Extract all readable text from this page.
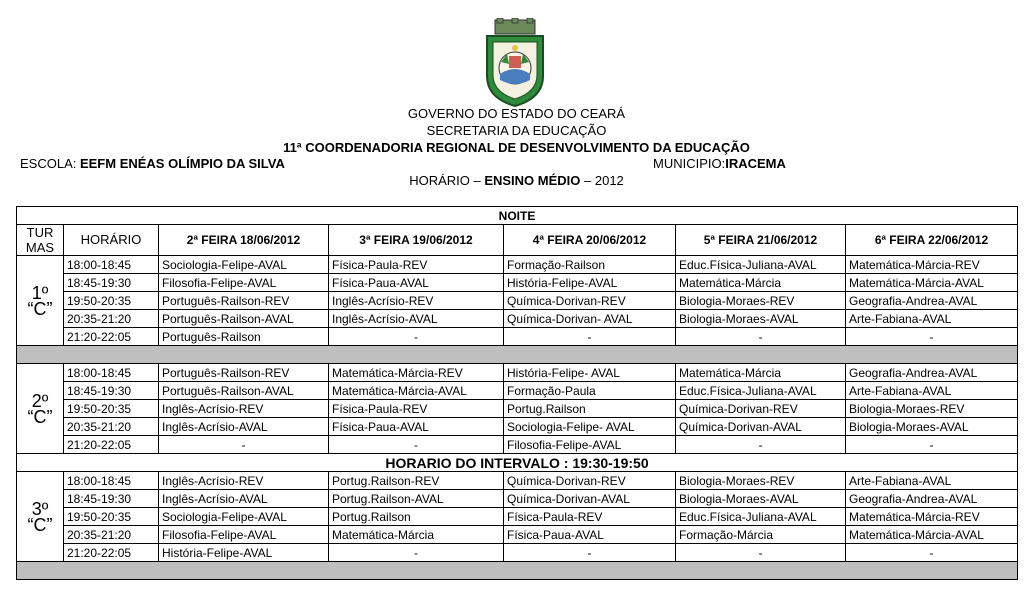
GOVERNO DO ESTADO DO CEARÁ
SECRETARIA DA EDUCAÇÃO
11ª COORDENADORIA REGIONAL DE DESENVOLVIMENTO DA EDUCAÇÃO
ESCOLA: EEFM ENÉAS OLÍMPIO DA SILVA	MUNICIPIO:IRACEMA
HORÁRIO – ENSINO MÉDIO – 2012
NOITE						
TUR MAS	HORÁRIO	2ª FEIRA 18/06/2012	3ª FEIRA 19/06/2012	4ª FEIRA 20/06/2012	5ª FEIRA 21/06/2012	6ª FEIRA 22/06/2012

1º
“C”	18:00-18:45	Sociologia-Felipe-AVAL	Física-Paula-REV	Formação-Railson	Educ.Física-Juliana-AVAL	Matemática-Márcia-REV
	18:45-19:30	Filosofia-Felipe-AVAL	Física-Paua-AVAL	História-Felipe-AVAL	Matemática-Márcia	Matemática-Márcia-AVAL
	19:50-20:35	Português-Railson-REV	Inglês-Acrísio-REV	Química-Dorivan-REV	Biologia-Moraes-REV	Geografia-Andrea-AVAL
	20:35-21:20	Português-Railson-AVAL	Inglês-Acrísio-AVAL	Química-Dorivan- AVAL	Biologia-Moraes-AVAL	Arte-Fabiana-AVAL
	21:20-22:05	Português-Railson	-	-	-	-

2º
“C”	18:00-18:45	Português-Railson-REV	Matemática-Márcia-REV	História-Felipe- AVAL	Matemática-Márcia	Geografia-Andrea-AVAL
	18:45-19:30	Português-Railson-AVAL	Matemática-Márcia-AVAL	Formação-Paula	Educ.Física-Juliana-AVAL	Arte-Fabiana-AVAL
	19:50-20:35	Inglês-Acrísio-REV	Física-Paula-REV	Portug.Railson	Química-Dorivan-REV	Biologia-Moraes-REV
	20:35-21:20	Inglês-Acrísio-AVAL	Física-Paua-AVAL	Sociologia-Felipe- AVAL	Química-Dorivan-AVAL	Biologia-Moraes-AVAL
	21:20-22:05	-	-	Filosofia-Felipe-AVAL	-	-
HORARIO DO INTERVALO : 19:30-19:50						

3º
“C”	18:00-18:45	Inglês-Acrísio-REV	Portug.Railson-REV	Química-Dorivan-REV	Biologia-Moraes-REV	Arte-Fabiana-AVAL
	18:45-19:30	Inglês-Acrísio-AVAL	Portug.Railson-AVAL	Química-Dorivan-AVAL	Biologia-Moraes-AVAL	Geografia-Andrea-AVAL
	19:50-20:35	Sociologia-Felipe-AVAL	Portug.Railson	Física-Paula-REV	Educ.Física-Juliana-AVAL	Matemática-Márcia-REV
	20:35-21:20	Filosofia-Felipe-AVAL	Matemática-Márcia	Física-Paua-AVAL	Formação-Márcia	Matemática-Márcia-AVAL
	21:20-22:05	História-Felipe-AVAL	-	-	-	-
